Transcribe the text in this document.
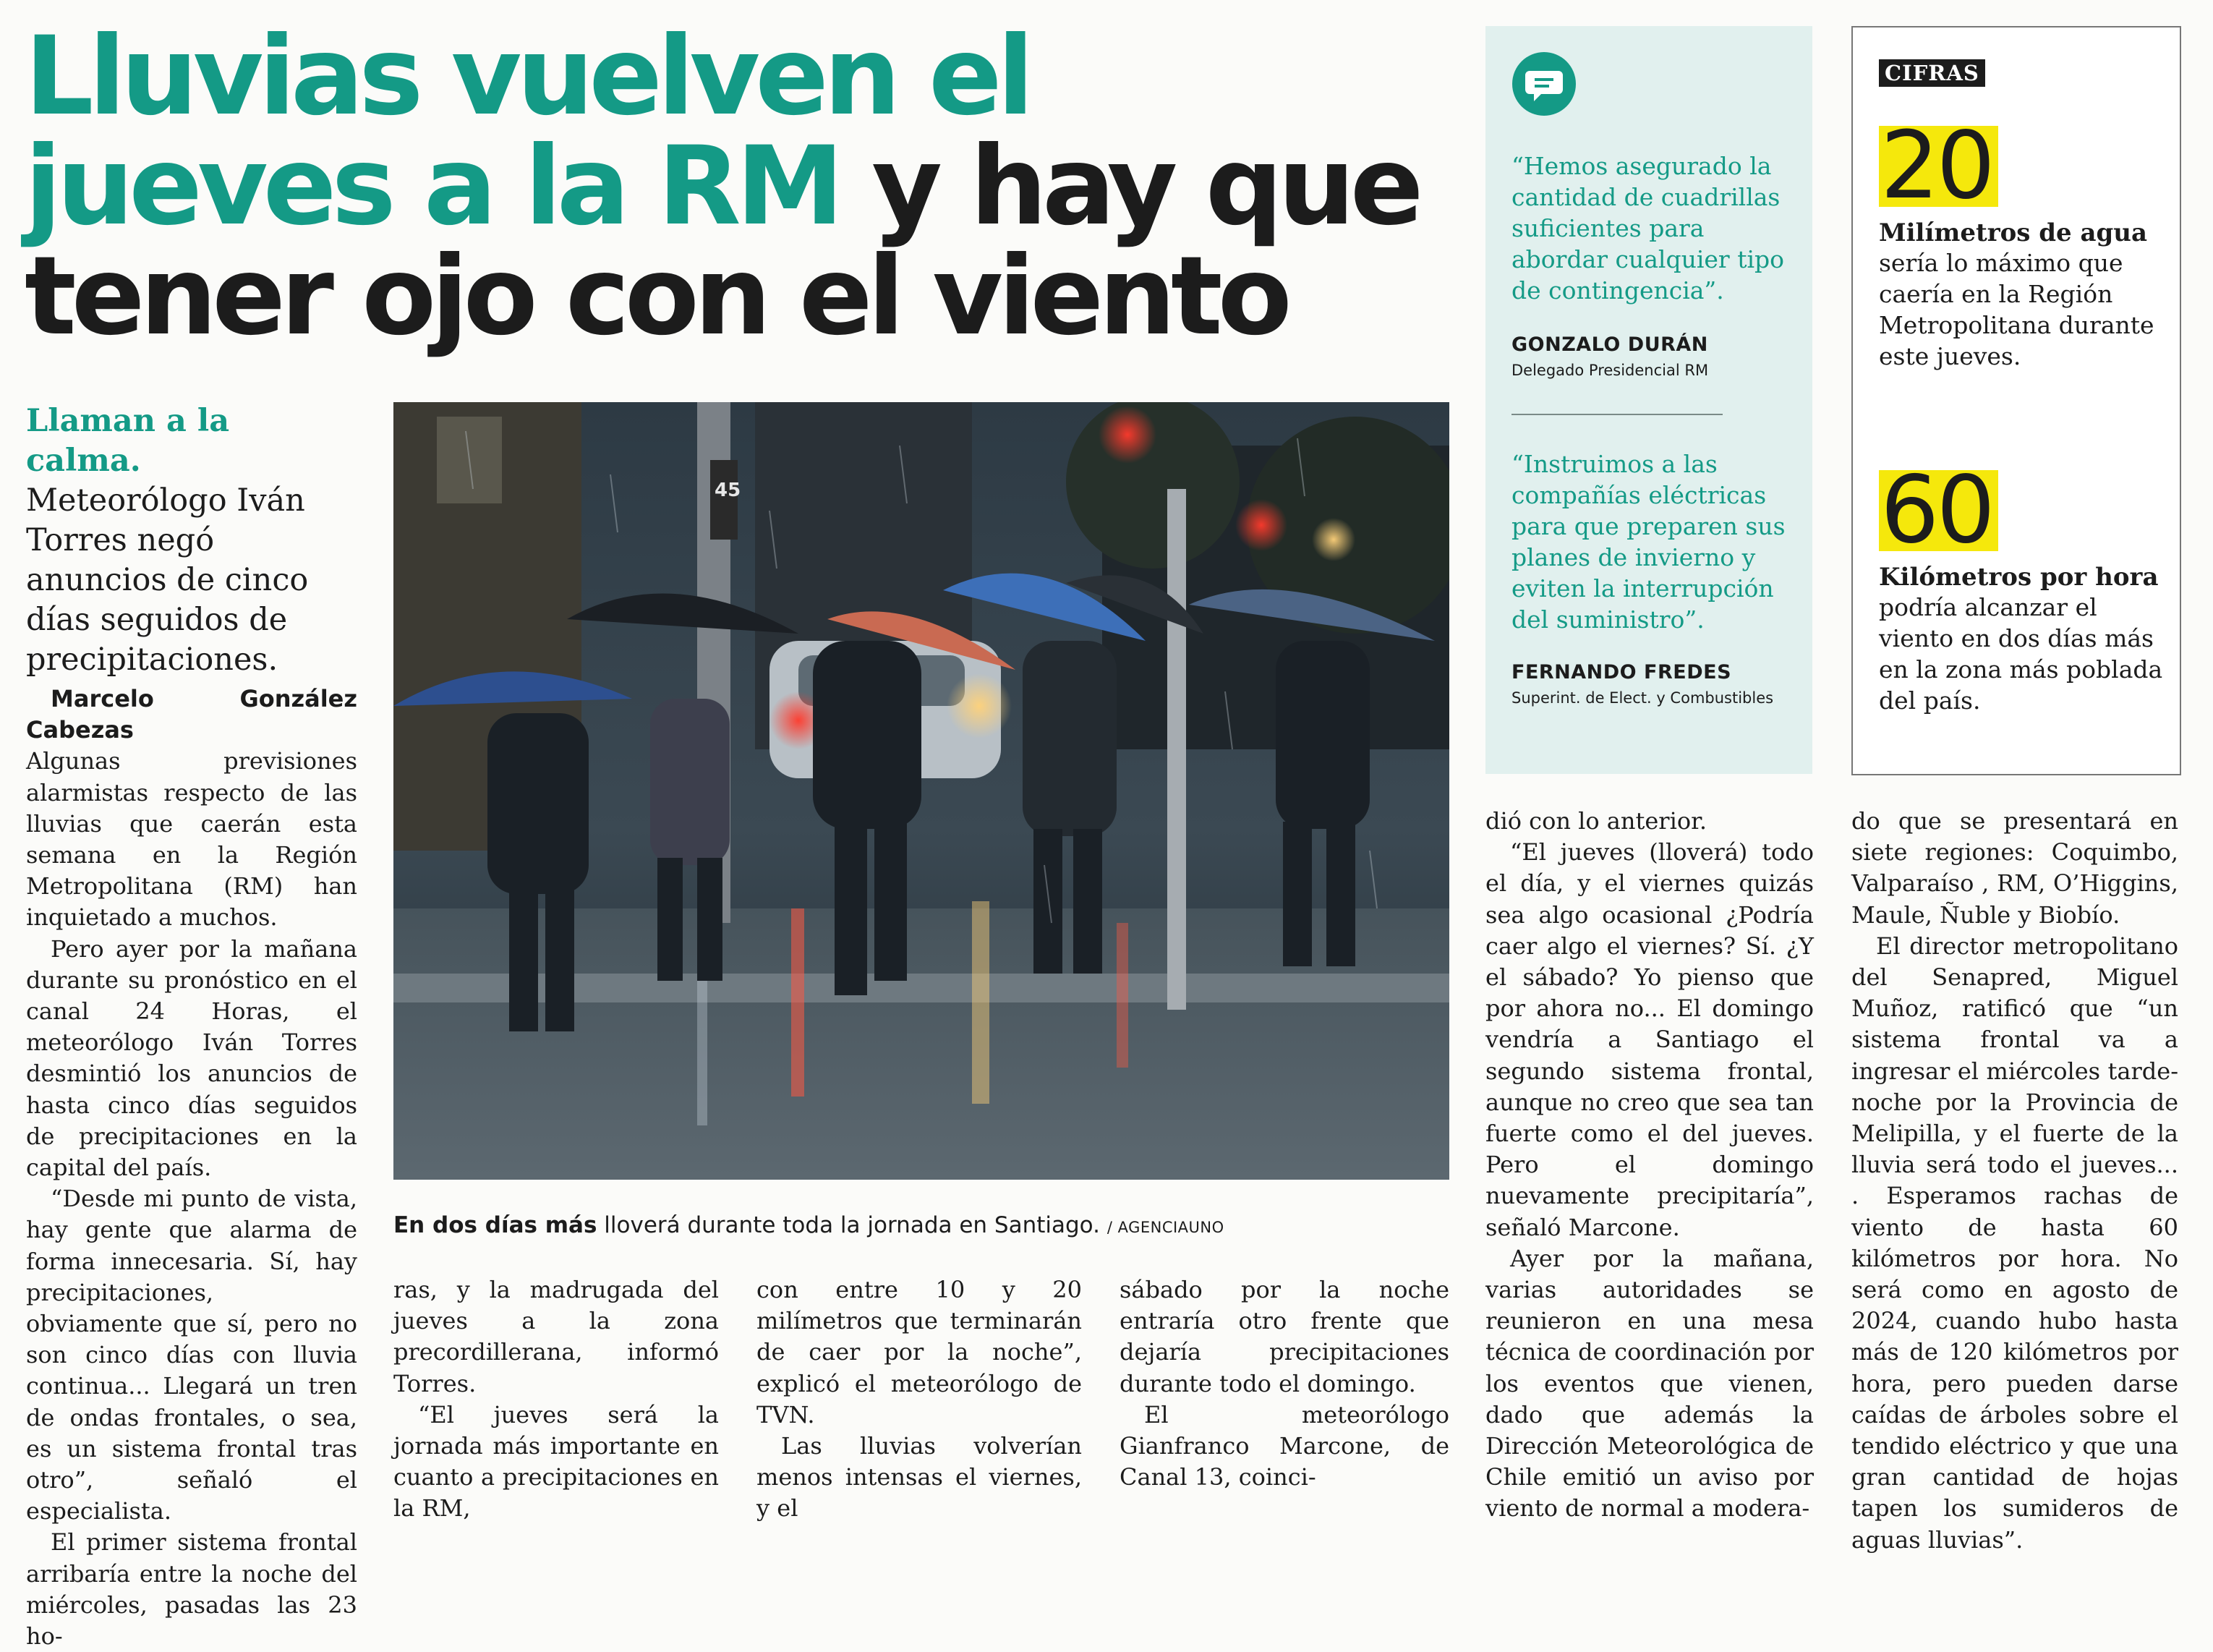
Lluvias vuelven el
jueves a la RM y hay que
tener ojo con el viento
Llaman a la calma. Meteorólogo Iván Torres negó anuncios de cinco días seguidos de precipitaciones.
45
En dos días más lloverá durante toda la jornada en Santiago. / AGENCIAUNO

Marcelo González Cabezas

Algunas previsiones alarmistas respecto de las lluvias que caerán esta semana en la Región Metropolitana (RM) han inquietado a muchos.

Pero ayer por la mañana durante su pronóstico en el canal 24 Horas, el meteorólogo Iván Torres desmintió los anuncios de hasta cinco días seguidos de precipitaciones en la capital del país.

“Desde mi punto de vista, hay gente que alarma de forma innecesaria. Sí, hay precipitaciones, obviamente que sí, pero no son cinco días con lluvia continua... Llegará un tren de ondas frontales, o sea, es un sistema frontal tras otro”, señaló el especialista.

El primer sistema frontal arribaría entre la noche del miércoles, pasadas las 23 ho-

ras, y la madrugada del jueves a la zona precordillerana, informó Torres.

“El jueves será la jornada más importante en cuanto a precipitaciones en la RM,

con entre 10 y 20 milímetros que terminarán de caer por la noche”, explicó el meteorólogo de TVN.

Las lluvias volverían menos intensas el viernes, y el

sábado por la noche entraría otro frente que dejaría precipitaciones durante todo el domingo.

El meteorólogo Gianfranco Marcone, de Canal 13, coinci-

“Hemos asegurado la cantidad de cuadrillas suficientes para abordar cualquier tipo de contingencia”.

GONZALO DURÁN

Delegado Presidencial RM

“Instruimos a las compañías eléctricas para que preparen sus planes de invierno y eviten la interrupción del suministro”.

FERNANDO FREDES

Superint. de Elect. y Combustibles

CIFRAS
20

Milímetros de agua

sería lo máximo que caería en la Región Metropolitana durante este jueves.

60

Kilómetros por hora

podría alcanzar el viento en dos días más en la zona más poblada del país.

dió con lo anterior.

“El jueves (lloverá) todo el día, y el viernes quizás sea algo ocasional ¿Podría caer algo el viernes? Sí. ¿Y el sábado? Yo pienso que por ahora no... El domingo vendría a Santiago el segundo sistema frontal, aunque no creo que sea tan fuerte como el del jueves. Pero el domingo nuevamente precipitaría”, señaló Marcone.

Ayer por la mañana, varias autoridades se reunieron en una mesa técnica de coordinación por los eventos que vienen, dado que además la Dirección Meteorológica de Chile emitió un aviso por viento de normal a modera-

do que se presentará en siete regiones: Coquimbo, Valparaíso , RM, O’Higgins, Maule, Ñuble y Biobío.

El director metropolitano del Senapred, Miguel Muñoz, ratificó que “un sistema frontal va a ingresar el miércoles tarde-noche por la Provincia de Melipilla, y el fuerte de la lluvia será todo el jueves... . Esperamos rachas de viento de hasta 60 kilómetros por hora. No será como en agosto de 2024, cuando hubo hasta más de 120 kilómetros por hora, pero pueden darse caídas de árboles sobre el tendido eléctrico y que una gran cantidad de hojas tapen los sumideros de aguas lluvias”.
